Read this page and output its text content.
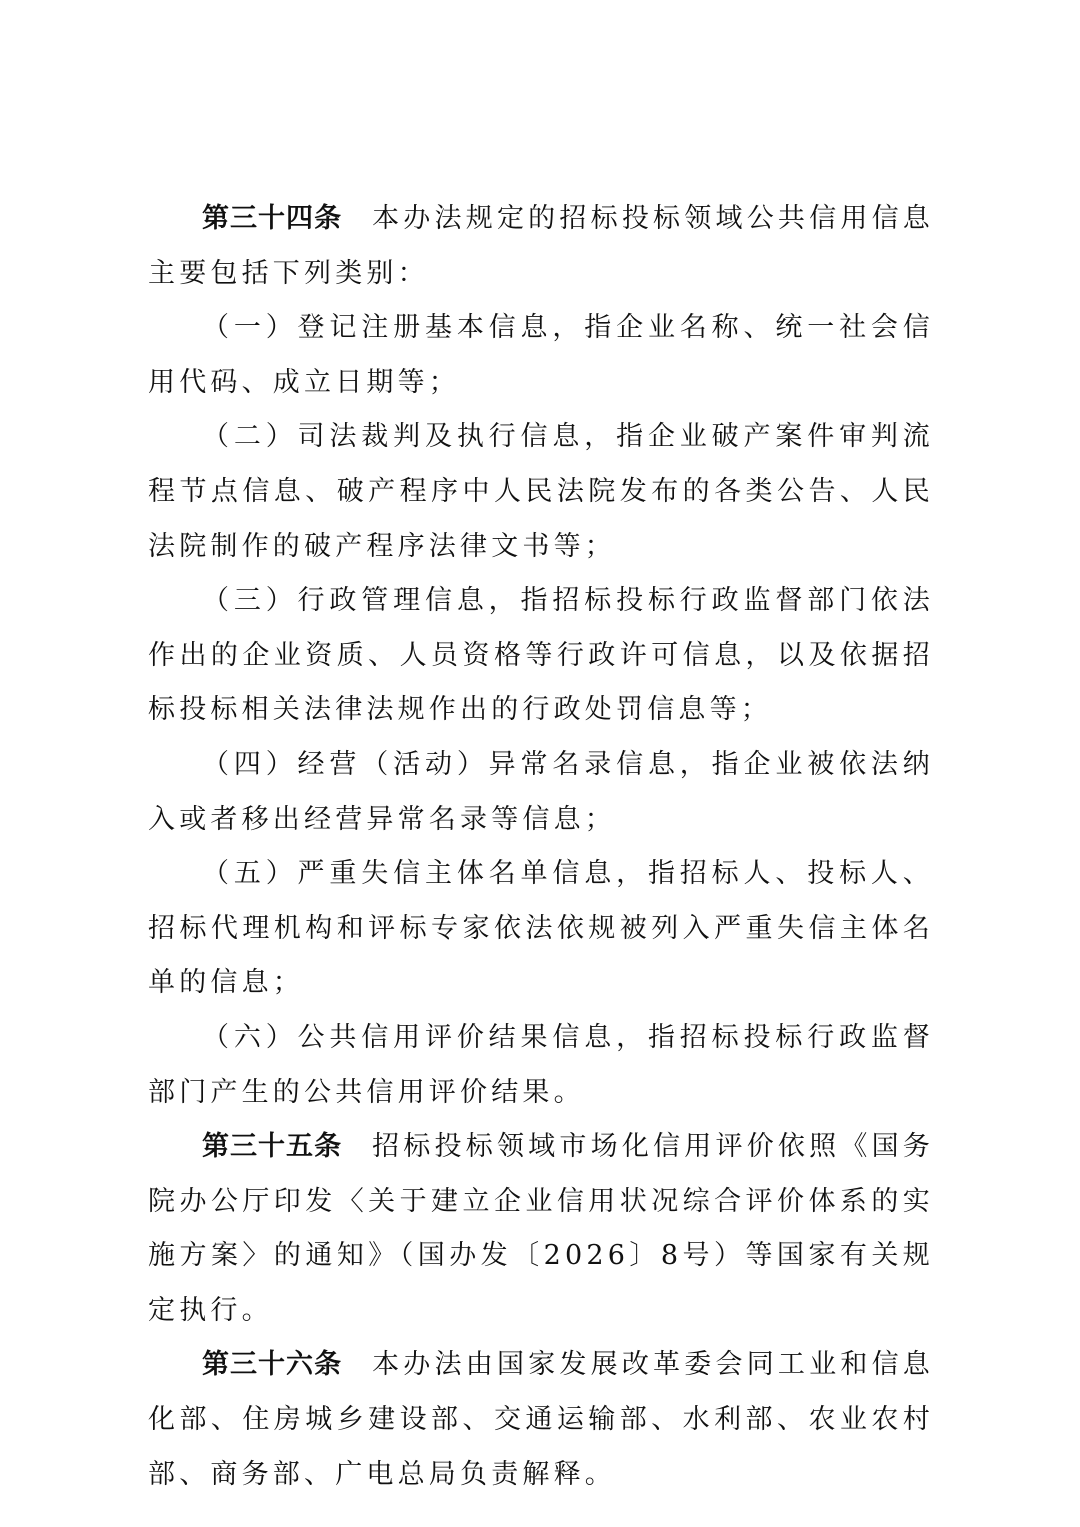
第三十四条 本办法规定的招标投标领域公共信用信息主要包括下列类别：

（一）登记注册基本信息，指企业名称、统一社会信用代码、成立日期等；

（二）司法裁判及执行信息，指企业破产案件审判流程节点信息、破产程序中人民法院发布的各类公告、人民法院制作的破产程序法律文书等；

（三）行政管理信息，指招标投标行政监督部门依法作出的企业资质、人员资格等行政许可信息，以及依据招标投标相关法律法规作出的行政处罚信息等；

（四）经营（活动）异常名录信息，指企业被依法纳入或者移出经营异常名录等信息；

（五）严重失信主体名单信息，指招标人、投标人、招标代理机构和评标专家依法依规被列入严重失信主体名单的信息；

（六）公共信用评价结果信息，指招标投标行政监督部门产生的公共信用评价结果。

第三十五条 招标投标领域市场化信用评价依照《国务院办公厅印发〈关于建立企业信用状况综合评价体系的实施方案〉的通知》（国办发〔2026〕8号）等国家有关规定执行。

第三十六条 本办法由国家发展改革委会同工业和信息化部、住房城乡建设部、交通运输部、水利部、农业农村部、商务部、广电总局负责解释。
